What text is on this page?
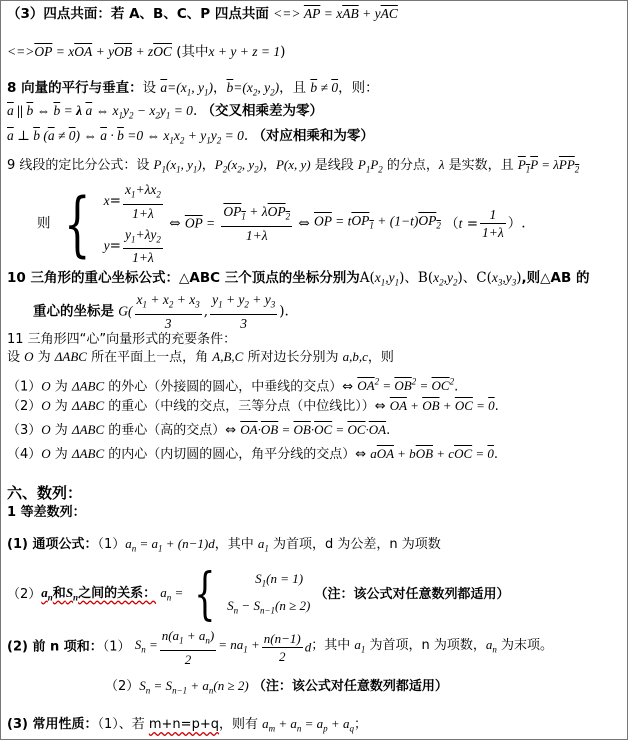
（3）四点共面：若 A、B、C、P 四点共面 <=> $\overline{AP} = x\overline{AB} + y\overline{AC}$
$<=>\overline{OP} = x\overline{OA} + y\overline{OB} + z\overline{OC}$ (其中x + y + z = 1)
8 向量的平行与垂直：设 $\overline{a}=(x_1$, $y_1$)，$\overline{b}=(x_2$, $y_2$)，且 $\overline{b} \ne 0$，则：
$\overline{a}$ || $\overline{b}$ ⇔ $\overline{b} = \lambda$ $\overline{a}$ ⇔ $x_1y_2 - x_2y_1 = 0$. （交叉相乘差为零）
$\overline{a}$ ⊥ $\overline{b}$ $(\overline{a} \ne 0)$ ⇔ $\overline{a} \cdot \overline{b} =0$ ⇔ $x_1x_2 + y_1y_2 = 0$. （对应相乘和为零）
9 线段的定比分公式：设 $P_1(x_1$, $y_1$)，$P_2(x_2$, $y_2$)，P(x, y) 是线段 $P_1P_2$ 的分点，λ 是实数，且 $P_1P = \lambda PP_2$
则 { $x= \frac{x_1+\lambda x_2}{1+\lambda}$
$y= \frac{y_1+\lambda y_2}{1+\lambda}$
⇔ $\overline{OP} = \frac{OP_1 + \lambda OP_2}{1+\lambda}$ ⇔ $\overline{OP} = tOP_1 + (1-t)OP_2$ （$t = \frac{1}{1+\lambda}$ ）.
10 三角形的重心坐标公式：△ABC 三个顶点的坐标分别为$A(x_1,y_1)$、$B(x_2,y_2)$、$C(x_3,y_3)$,则△AB 的
重心的坐标是 $G( \frac{x_1 + x_2 + x_3}{3}$ , $\frac{y_1 + y_2 + y_3}{3}$ ).
11 三角形四“心”向量形式的充要条件：
设 O 为 ΔABC 所在平面上一点，角 A,B,C 所对边长分别为 a,b,c，则
（1）O 为 ΔABC 的外心（外接圆的圆心，中垂线的交点）⇔ $\overline{OA}^2 = \overline{OB}^2 = \overline{OC}^2$.
（2）O 为 ΔABC 的重心（中线的交点，三等分点（中位线比））⇔ $\overline{OA} + \overline{OB} + \overline{OC} = 0$.
（3）O 为 ΔABC 的垂心（高的交点）⇔ $\overline{OA}\cdot\overline{OB} = \overline{OB}\cdot\overline{OC} = \overline{OC}\cdot\overline{OA}$.
（4）O 为 ΔABC 的内心（内切圆的圆心，角平分线的交点）⇔ $a\overline{OA} + b\overline{OB} + c\overline{OC} = 0$.
六、数列：
1 等差数列：
(1) 通项公式：$(1)a_n = a_1 + (n-1)d$，其中 $a_1$ 为首项，d 为公差，n 为项数
$(2)a_n$和$S_n$之间的关系： $a_n$ = {	$S_1(n = 1)$
$S_n - S_{n-1}(n \ge 2)$
（注：该公式对任意数列都适用）
(2) 前 n 项和：（1） $S_n = \frac{n(a_1 + a_n)}{2} = na_1 + \frac{n(n-1)}{2}$ d；其中 $a_1$ 为首项，n 为项数，$a_n$ 为末项。
$(2)S_n = S_{n-1} + a_n(n \ge 2)$ （注：该公式对任意数列都适用）
(3) 常用性质：（1）、若 m+n=p+q，则有 $a_m + a_n = a_p + a_q$；
